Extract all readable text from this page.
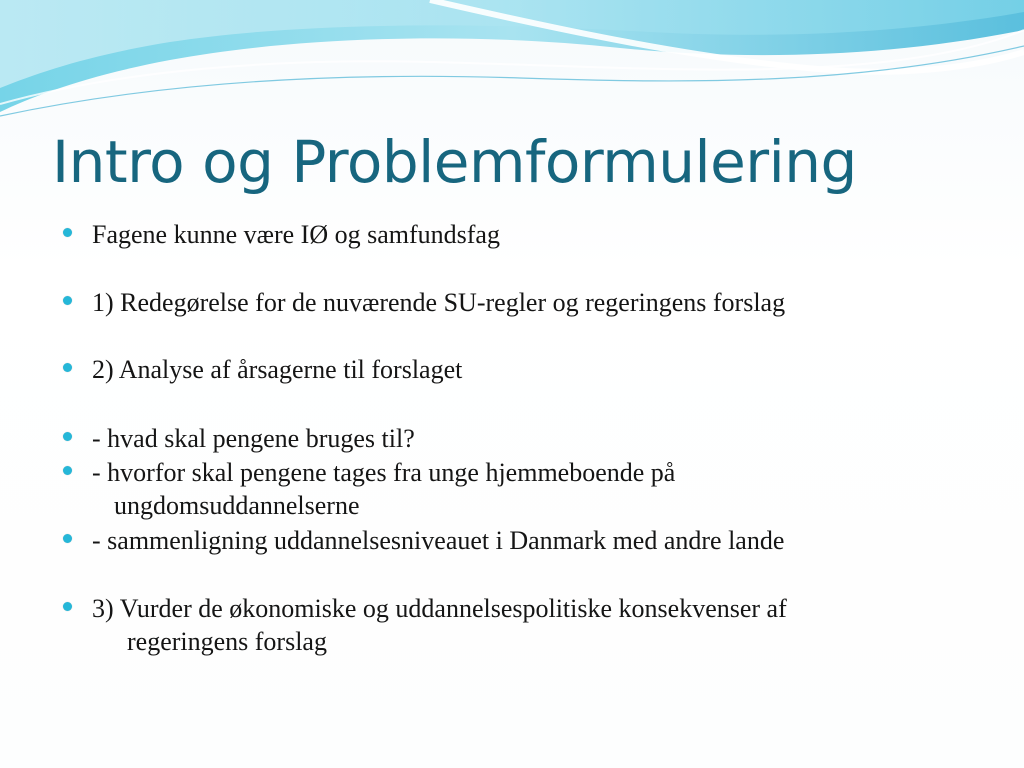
Intro og Problemformulering
Fagene kunne være IØ og samfundsfag
1) Redegørelse for de nuværende SU-regler og regeringens forslag
2) Analyse af årsagerne til forslaget
- hvad skal pengene bruges til?
- hvorfor skal pengene tages fra unge hjemmeboende på
ungdomsuddannelserne
- sammenligning uddannelsesniveauet i Danmark med andre lande
3) Vurder de økonomiske og uddannelsespolitiske konsekvenser af
regeringens forslag
